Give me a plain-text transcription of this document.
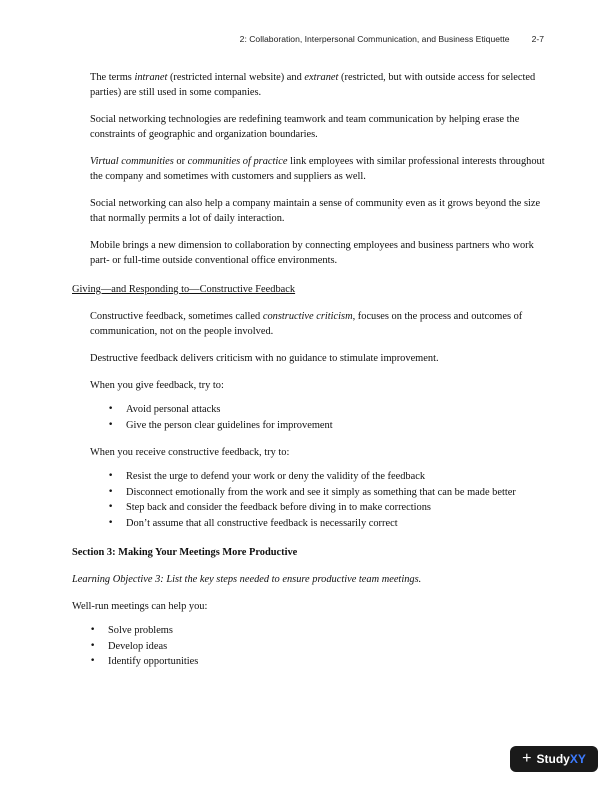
2: Collaboration, Interpersonal Communication, and Business Etiquette	2-7

The terms intranet (restricted internal website) and extranet (restricted, but with outside access for selected parties) are still used in some companies.

Social networking technologies are redefining teamwork and team communication by helping erase the constraints of geographic and organization boundaries.

Virtual communities or communities of practice link employees with similar professional interests throughout the company and sometimes with customers and suppliers as well.

Social networking can also help a company maintain a sense of community even as it grows beyond the size that normally permits a lot of daily interaction.

Mobile brings a new dimension to collaboration by connecting employees and business partners who work part- or full-time outside conventional office environments.

Giving—and Responding to—Constructive Feedback

Constructive feedback, sometimes called constructive criticism, focuses on the process and outcomes of communication, not on the people involved.

Destructive feedback delivers criticism with no guidance to stimulate improvement.

When you give feedback, try to:

• Avoid personal attacks
• Give the person clear guidelines for improvement

When you receive constructive feedback, try to:

• Resist the urge to defend your work or deny the validity of the feedback
• Disconnect emotionally from the work and see it simply as something that can be made better
• Step back and consider the feedback before diving in to make corrections
• Don’t assume that all constructive feedback is necessarily correct

Section 3: Making Your Meetings More Productive

Learning Objective 3: List the key steps needed to ensure productive team meetings.

Well-run meetings can help you:

• Solve problems
• Develop ideas
• Identify opportunities
+ StudyXY
